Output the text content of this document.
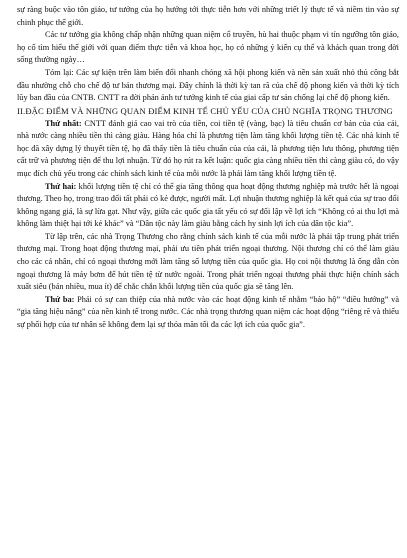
sự ràng buộc vào tôn giáo, tư tưởng của họ hướng tới thực tiễn hơn với những triết lý thực tế và niềm tin vào sự chinh phục thế giới.

Các tư tưởng gia không chấp nhận những quan niệm cổ truyền, hù hai thuộc phạm vi tín ngưỡng tôn giáo, họ cố tìm hiểu thế giới với quan điểm thực tiễn và khoa học, họ có những ý kiến cụ thể và khách quan trong đời sống thường ngày…

Tóm lại: Các sự kiện trên làm biến đổi nhanh chóng xã hội phong kiến và nền sản xuất nhỏ thủ công bắt đầu nhường chỗ cho chế độ tư bản thương mại. Đây chính là thời kỳ tan rã của chế độ phong kiến và thời kỳ tích lũy ban đầu của CNTB. CNTT ra đời phản ánh tư tưởng kinh tế của giai cấp tư sản chống lại chế độ phong kiến.

II.ĐẶC ĐIỂM VÀ NHỮNG QUAN ĐIỂM KINH TẾ CHỦ YẾU CỦA CHỦ NGHĨA TRỌNG THƯƠNG

Thứ nhất: CNTT đánh giá cao vai trò của tiền, coi tiền tệ (vàng, bạc) là tiêu chuẩn cơ bản của của cải, nhà nước càng nhiều tiền thì càng giàu. Hàng hóa chỉ là phương tiện làm tăng khối lượng tiền tệ. Các nhà kinh tế học đã xây dựng lý thuyết tiền tệ, họ đã thấy tiền là tiêu chuẩn của của cải, là phương tiện lưu thông, phương tiện cất trữ và phương tiện để thu lợi nhuận. Từ đó họ rút ra kết luận: quốc gia càng nhiều tiền thì càng giàu có, do vậy mục đích chủ yếu trong các chính sách kinh tế của mỗi nước là phải làm tăng khối lượng tiền tệ.

Thứ hai: khối lượng tiền tệ chỉ có thể gia tăng thông qua hoạt động thương nghiệp mà trước hết là ngoại thương. Theo họ, trong trao đổi tất phải có kẻ được, người mất. Lợi nhuận thương nghiệp là kết quả của sự trao đổi không ngang giá, là sự lừa gạt. Như vậy, giữa các quốc gia tất yếu có sự đối lập về lợi ích “Không có ai thu lợi mà không làm thiệt hại tới kẻ khác” và “Dân tộc này làm giàu bằng cách hy sinh lợi ích của dân tộc kia”.

Từ lập trên, các nhà Trọng Thương cho rằng chính sách kinh tế của mỗi nước là phải tập trung phát triển thương mại. Trong hoạt động thương mại, phải ưu tiên phát triển ngoại thương. Nội thương chỉ có thể làm giàu cho các cá nhân, chỉ có ngoại thương mới làm tăng số lượng tiền của quốc gia. Họ coi nội thương là ống dẫn còn ngoại thương là máy bơm để hút tiền tệ từ nước ngoài. Trong phát triển ngoại thương phải thực hiện chính sách xuất siêu (bán nhiều, mua ít) để chắc chắn khối lượng tiền của quốc gia sẽ tăng lên.

Thứ ba: Phải có sự can thiệp của nhà nước vào các hoạt động kinh tế nhằm “bảo hộ” “điều hướng” và “gia tăng hiệu năng” của nền kinh tế trong nước. Các nhà trọng thương quan niệm các hoạt động “riêng rẽ và thiếu sự phối hợp của tư nhân sẽ không đem lại sự thỏa mãn tối đa các lợi ích của quốc gia”.
